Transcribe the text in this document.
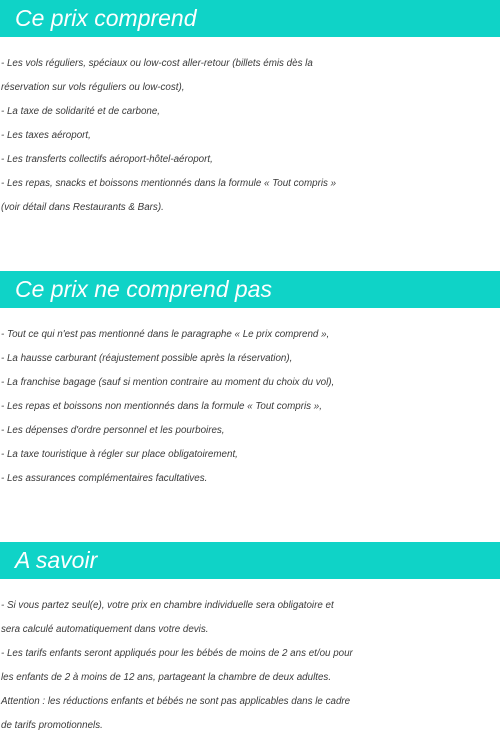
Ce prix comprend
- Les vols réguliers, spéciaux ou low-cost aller-retour (billets émis dès la
réservation sur vols réguliers ou low-cost),
- La taxe de solidarité et de carbone,
- Les taxes aéroport,
- Les transferts collectifs aéroport-hôtel-aéroport,
- Les repas, snacks et boissons mentionnés dans la formule « Tout compris »
(voir détail dans Restaurants & Bars).
Ce prix ne comprend pas
- Tout ce qui n'est pas mentionné dans le paragraphe « Le prix comprend »,
- La hausse carburant (réajustement possible après la réservation),
- La franchise bagage (sauf si mention contraire au moment du choix du vol),
- Les repas et boissons non mentionnés dans la formule « Tout compris »,
- Les dépenses d'ordre personnel et les pourboires,
- La taxe touristique à régler sur place obligatoirement,
- Les assurances complémentaires facultatives.
A savoir
- Si vous partez seul(e), votre prix en chambre individuelle sera obligatoire et
sera calculé automatiquement dans votre devis.
- Les tarifs enfants seront appliqués pour les bébés de moins de 2 ans et/ou pour
les enfants de 2 à moins de 12 ans, partageant la chambre de deux adultes.
Attention : les réductions enfants et bébés ne sont pas applicables dans le cadre
de tarifs promotionnels.
